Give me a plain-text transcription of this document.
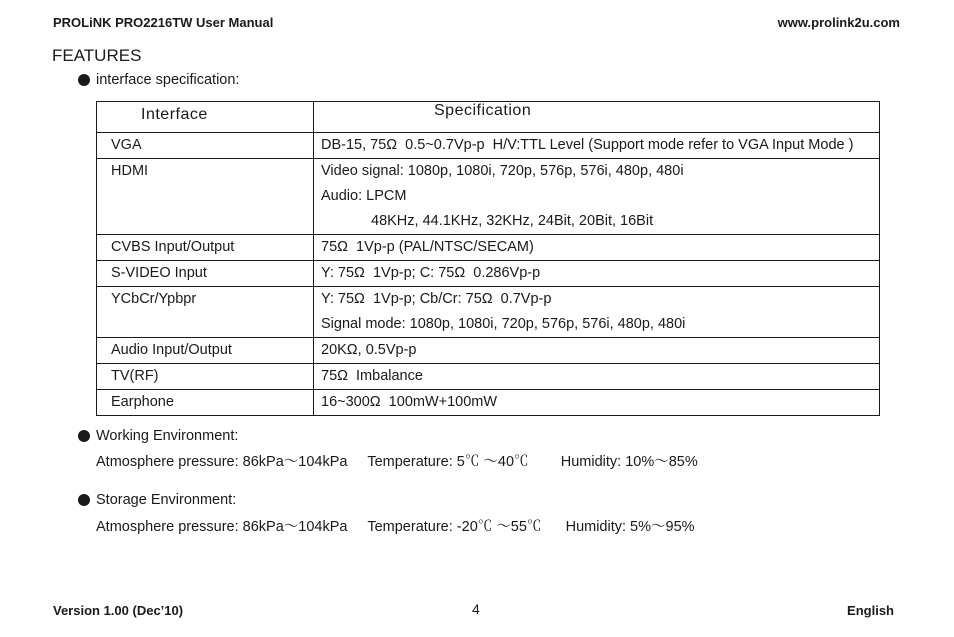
PROLiNK PRO2216TW User Manual	www.prolink2u.com
FEATURES
interface specification:
Interface	Specification
VGA	DB-15, 75Ω  0.5~0.7Vp-p  H/V:TTL Level (Support mode refer to VGA Input Mode )

HDMI	Video signal: 1080p, 1080i, 720p, 576p, 576i, 480p, 480i
Audio: LPCM
48KHz, 44.1KHz, 32KHz, 24Bit, 20Bit, 16Bit

CVBS Input/Output	75Ω  1Vp-p (PAL/NTSC/SECAM)

S-VIDEO Input	Y: 75Ω  1Vp-p; C: 75Ω  0.286Vp-p

YCbCr/Ypbpr	Y: 75Ω  1Vp-p; Cb/Cr: 75Ω  0.7Vp-p
Signal mode: 1080p, 1080i, 720p, 576p, 576i, 480p, 480i

Audio Input/Output	20KΩ, 0.5Vp-p

TV(RF)	75Ω  Imbalance

Earphone	16~300Ω  100mW+100mW
Working Environment:
Atmosphere pressure: 86kPa～104kPa     Temperature: 5℃ ～40℃        Humidity: 10%～85%
Storage Environment:
Atmosphere pressure: 86kPa～104kPa     Temperature: -20℃ ～55℃      Humidity: 5%～95%
Version 1.00 (Dec’10)	4	English
